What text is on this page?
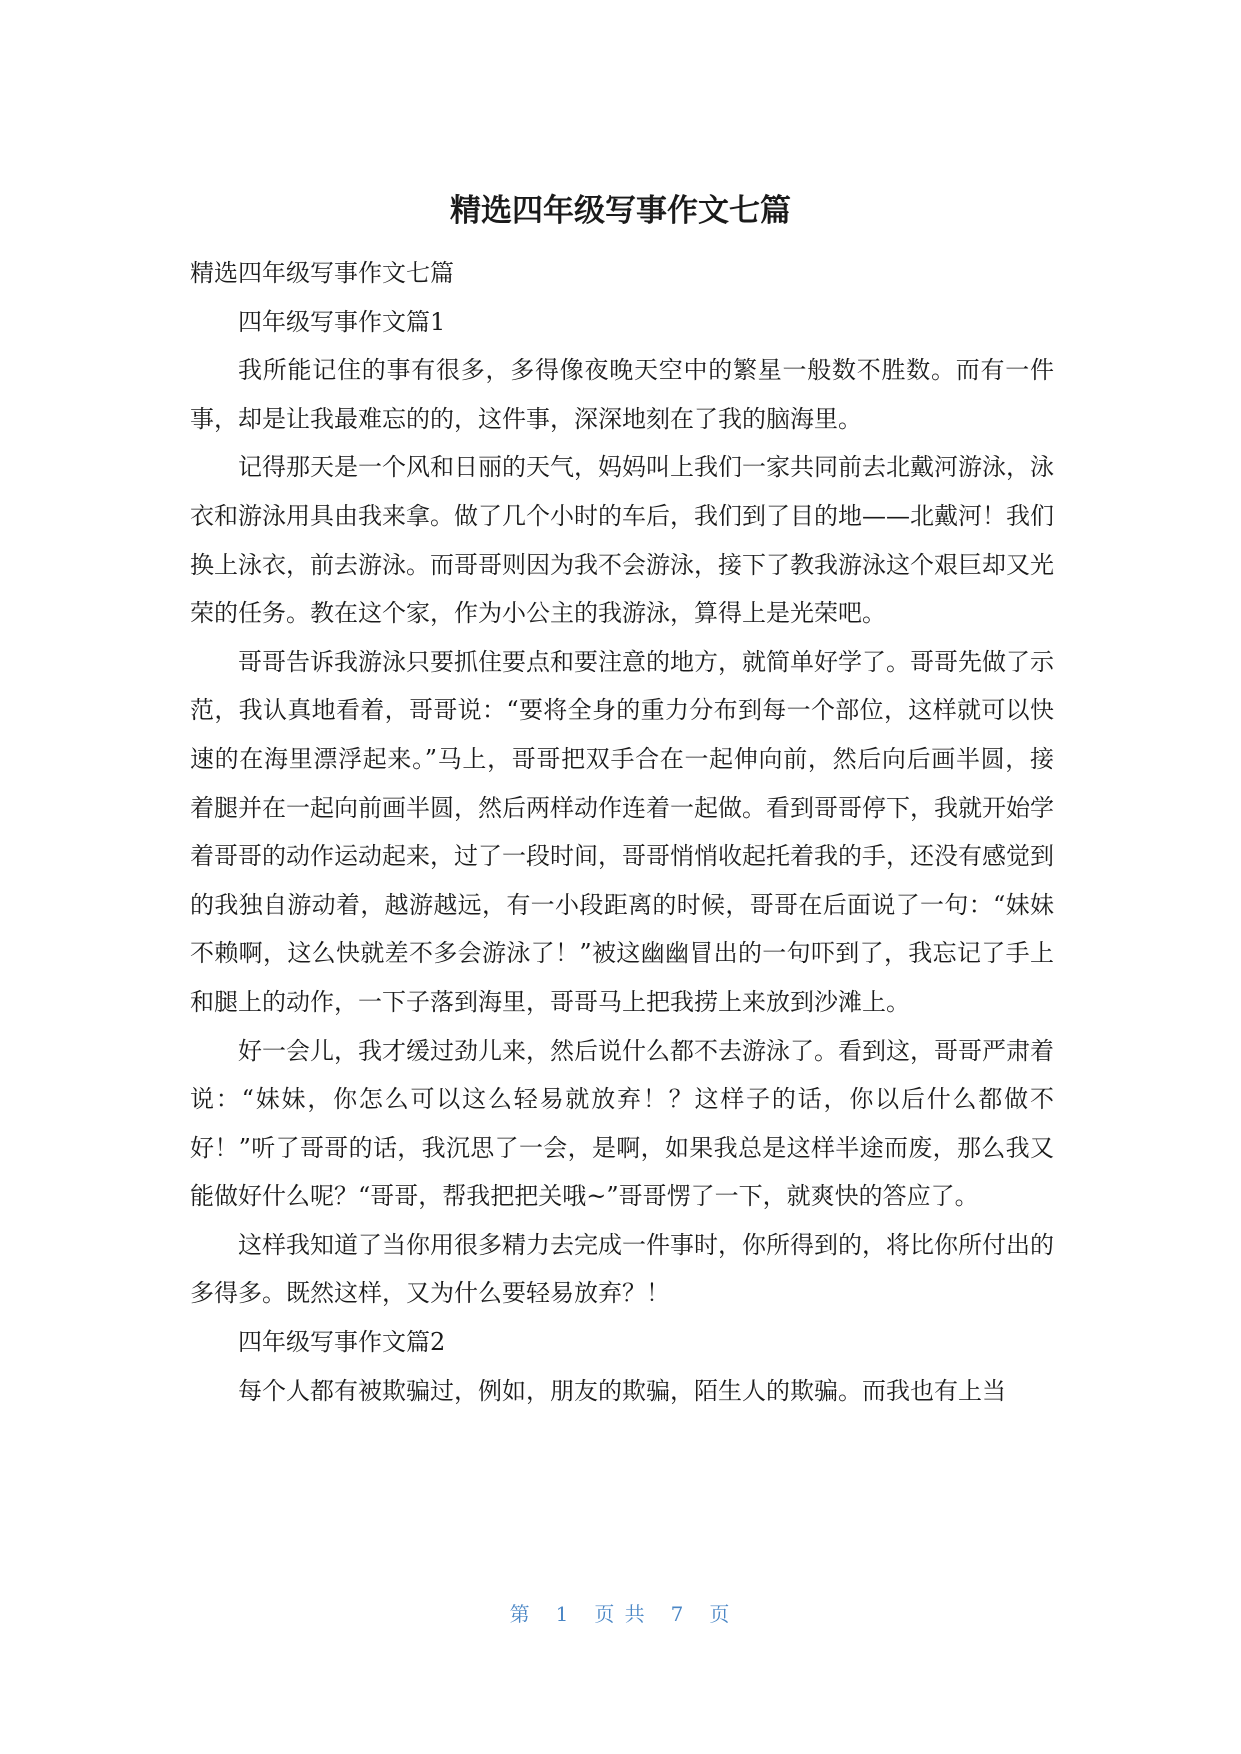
精选四年级写事作文七篇

精选四年级写事作文七篇

四年级写事作文篇1

我所能记住的事有很多，多得像夜晚天空中的繁星一般数不胜数。而有一件事，却是让我最难忘的的，这件事，深深地刻在了我的脑海里。

记得那天是一个风和日丽的天气，妈妈叫上我们一家共同前去北戴河游泳，泳衣和游泳用具由我来拿。做了几个小时的车后，我们到了目的地——北戴河！我们换上泳衣，前去游泳。而哥哥则因为我不会游泳，接下了教我游泳这个艰巨却又光荣的任务。教在这个家，作为小公主的我游泳，算得上是光荣吧。

哥哥告诉我游泳只要抓住要点和要注意的地方，就简单好学了。哥哥先做了示范，我认真地看着，哥哥说：“要将全身的重力分布到每一个部位，这样就可以快速的在海里漂浮起来。”马上，哥哥把双手合在一起伸向前，然后向后画半圆，接着腿并在一起向前画半圆，然后两样动作连着一起做。看到哥哥停下，我就开始学着哥哥的动作运动起来，过了一段时间，哥哥悄悄收起托着我的手，还没有感觉到的我独自游动着，越游越远，有一小段距离的时候，哥哥在后面说了一句：“妹妹不赖啊，这么快就差不多会游泳了！”被这幽幽冒出的一句吓到了，我忘记了手上和腿上的动作，一下子落到海里，哥哥马上把我捞上来放到沙滩上。

好一会儿，我才缓过劲儿来，然后说什么都不去游泳了。看到这，哥哥严肃着说：“妹妹，你怎么可以这么轻易就放弃！？这样子的话，你以后什么都做不好！”听了哥哥的话，我沉思了一会，是啊，如果我总是这样半途而废，那么我又能做好什么呢？“哥哥，帮我把把关哦~”哥哥愣了一下，就爽快的答应了。

这样我知道了当你用很多精力去完成一件事时，你所得到的，将比你所付出的多得多。既然这样，又为什么要轻易放弃？！

四年级写事作文篇2

每个人都有被欺骗过，例如，朋友的欺骗，陌生人的欺骗。而我也有上当

第 1 页 共 7 页
